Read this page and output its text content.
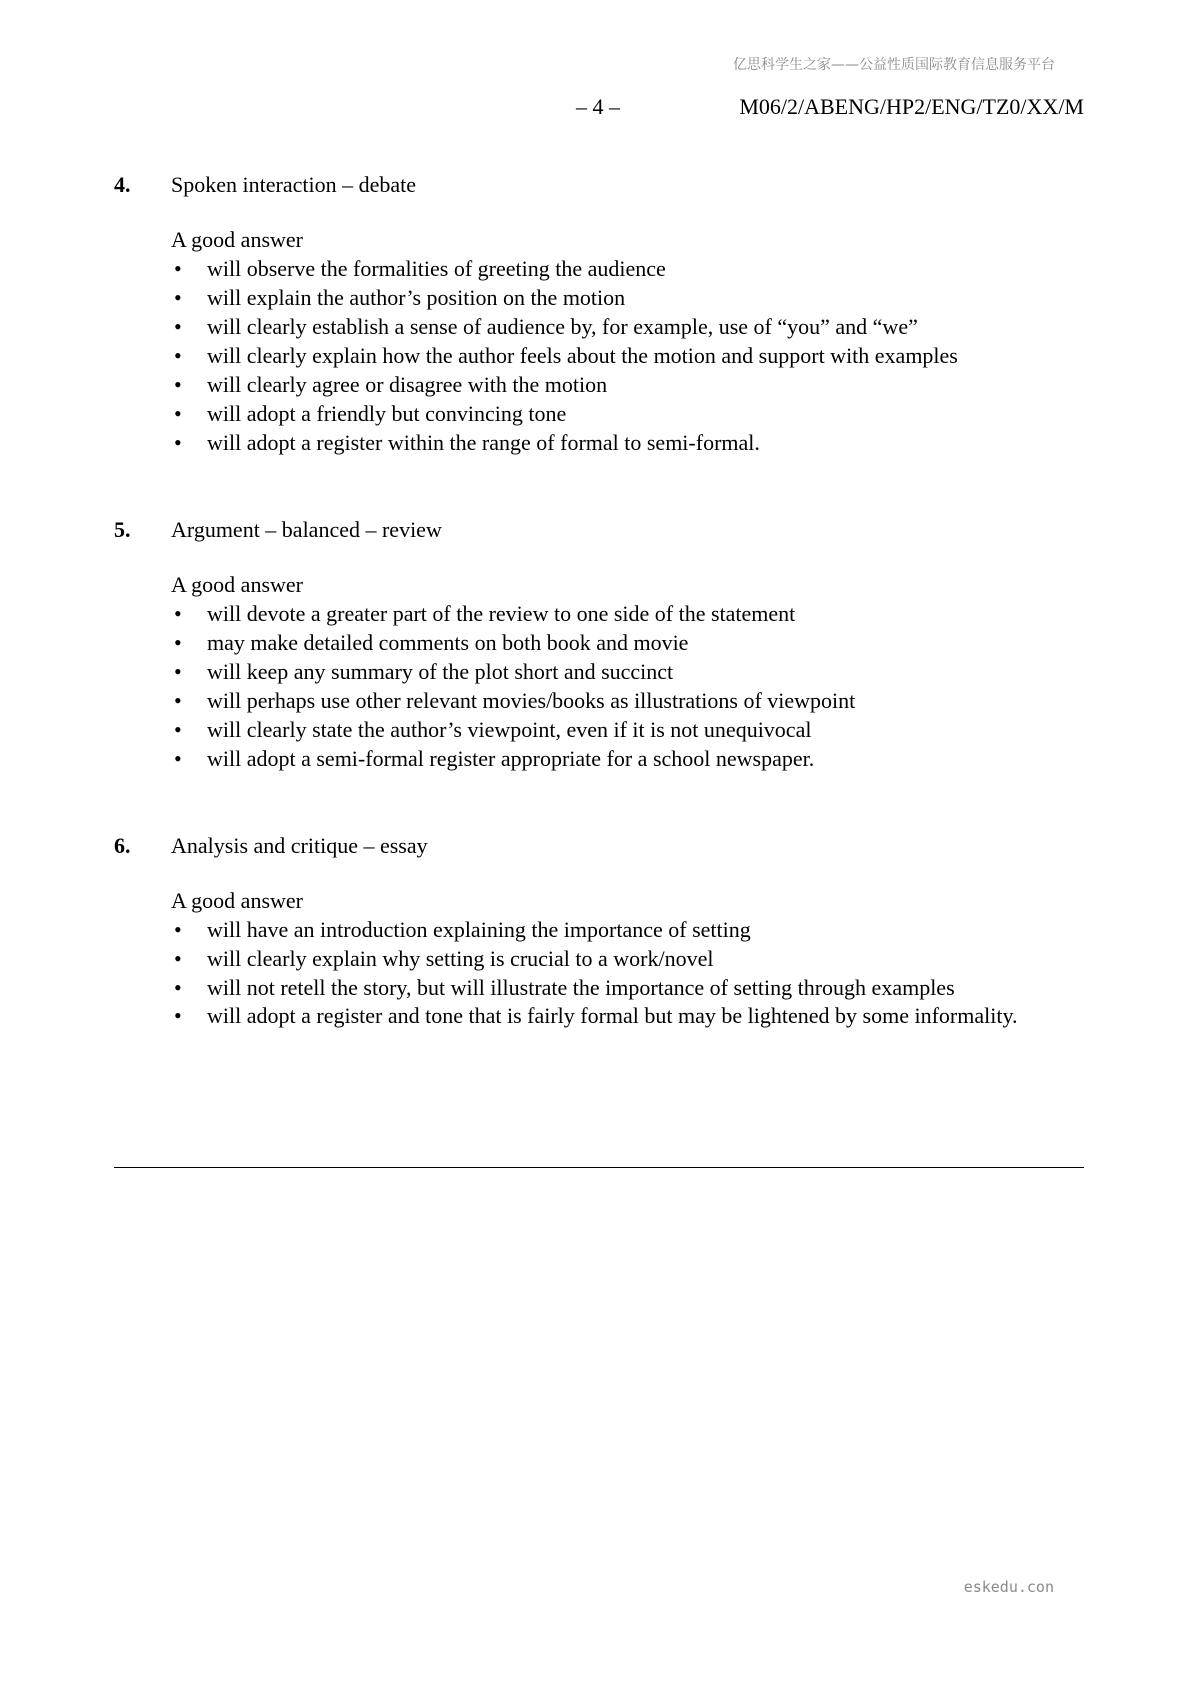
亿思科学生之家——公益性质国际教育信息服务平台
– 4 –	M06/2/ABENG/HP2/ENG/TZ0/XX/M
4. Spoken interaction – debate
A good answer
• will observe the formalities of greeting the audience
• will explain the author’s position on the motion
• will clearly establish a sense of audience by, for example, use of “you” and “we”
• will clearly explain how the author feels about the motion and support with examples
• will clearly agree or disagree with the motion
• will adopt a friendly but convincing tone
• will adopt a register within the range of formal to semi-formal.
5. Argument – balanced – review
A good answer
• will devote a greater part of the review to one side of the statement
• may make detailed comments on both book and movie
• will keep any summary of the plot short and succinct
• will perhaps use other relevant movies/books as illustrations of viewpoint
• will clearly state the author’s viewpoint, even if it is not unequivocal
• will adopt a semi-formal register appropriate for a school newspaper.
6. Analysis and critique – essay
A good answer
• will have an introduction explaining the importance of setting
• will clearly explain why setting is crucial to a work/novel
• will not retell the story, but will illustrate the importance of setting through examples
• will adopt a register and tone that is fairly formal but may be lightened by some informality.
eskedu.con
